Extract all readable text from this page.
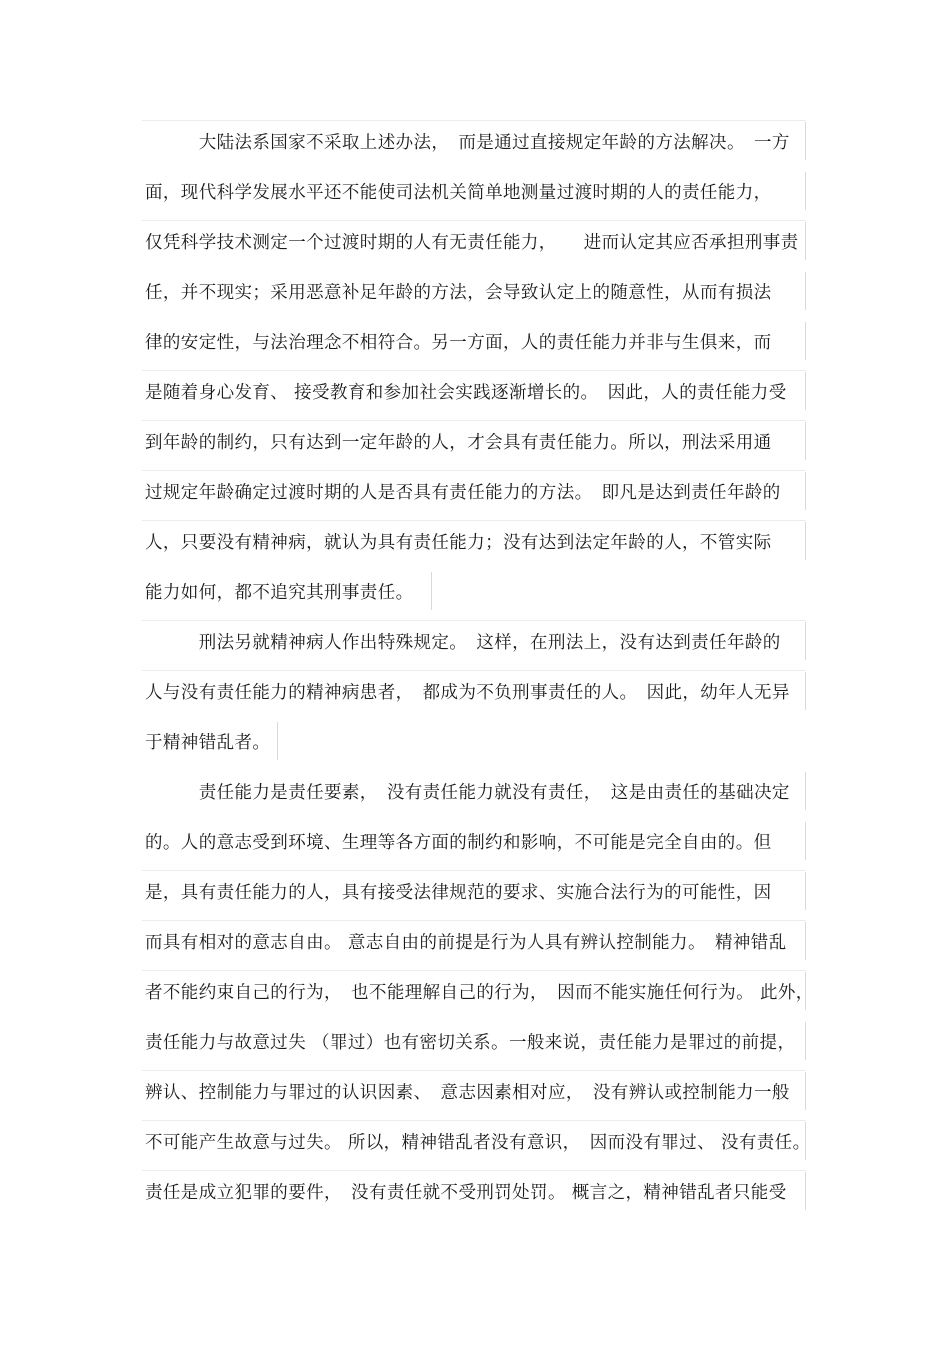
　　　大陆法系国家不采取上述办法，　而是通过直接规定年龄的方法解决。　一方
面，现代科学发展水平还不能使司法机关简单地测量过渡时期的人的责任能力，
仅凭科学技术测定一个过渡时期的人有无责任能力，　　进而认定其应否承担刑事责
任，并不现实；采用恶意补足年龄的方法，会导致认定上的随意性，从而有损法
律的安定性，与法治理念不相符合。另一方面，人的责任能力并非与生俱来，而
是随着身心发育、 接受教育和参加社会实践逐渐增长的。　因此，人的责任能力受
到年龄的制约，只有达到一定年龄的人，才会具有责任能力。所以，刑法采用通
过规定年龄确定过渡时期的人是否具有责任能力的方法。　即凡是达到责任年龄的
人，只要没有精神病，就认为具有责任能力；没有达到法定年龄的人，不管实际
能力如何，都不追究其刑事责任。
　　　刑法另就精神病人作出特殊规定。　这样，在刑法上，没有达到责任年龄的
人与没有责任能力的精神病患者，　都成为不负刑事责任的人。　因此，幼年人无异
于精神错乱者。
　　　责任能力是责任要素，　没有责任能力就没有责任，　这是由责任的基础决定
的。人的意志受到环境、生理等各方面的制约和影响，不可能是完全自由的。但
是，具有责任能力的人，具有接受法律规范的要求、实施合法行为的可能性，因
而具有相对的意志自由。 意志自由的前提是行为人具有辨认控制能力。　精神错乱
者不能约束自己的行为，　也不能理解自己的行为，　因而不能实施任何行为。 此外，
责任能力与故意过失 （罪过）也有密切关系。一般来说，责任能力是罪过的前提，
辨认、控制能力与罪过的认识因素、　意志因素相对应，　没有辨认或控制能力一般
不可能产生故意与过失。 所以，精神错乱者没有意识，　因而没有罪过、 没有责任。
责任是成立犯罪的要件，　没有责任就不受刑罚处罚。 概言之，精神错乱者只能受
